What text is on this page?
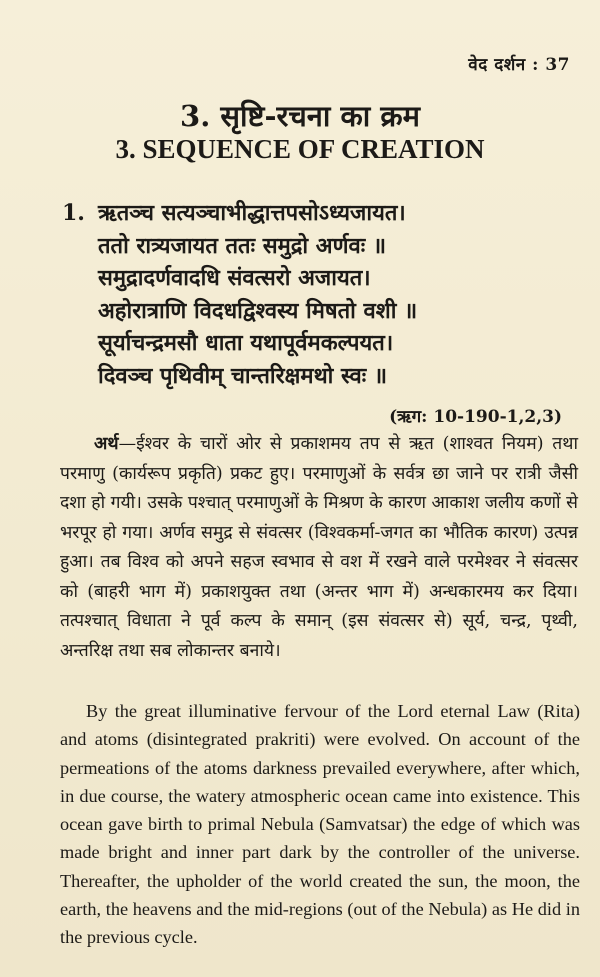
वेद दर्शन : 37
3. सृष्टि-रचना का क्रम
3. SEQUENCE OF CREATION
1. ऋतञ्च सत्यञ्चाभीद्धात्तपसोऽध्यजायत।
ततो रात्र्यजायत ततः समुद्रो अर्णवः ॥
समुद्रादर्णवादधि संवत्सरो अजायत।
अहोरात्राणि विदधद्विश्वस्य मिषतो वशी ॥
सूर्याचन्द्रमसौ धाता यथापूर्वमकल्पयत।
दिवञ्च पृथिवीम् चान्तरिक्षमथो स्वः ॥
(ऋग: 10-190-1,2,3)
अर्थ—ईश्वर के चारों ओर से प्रकाशमय तप से ऋत (शाश्वत नियम) तथा परमाणु (कार्यरूप प्रकृति) प्रकट हुए। परमाणुओं के सर्वत्र छा जाने पर रात्री जैसी दशा हो गयी। उसके पश्चात् परमाणुओं के मिश्रण के कारण आकाश जलीय कणों से भरपूर हो गया। अर्णव समुद्र से संवत्सर (विश्वकर्मा-जगत का भौतिक कारण) उत्पन्न हुआ। तब विश्व को अपने सहज स्वभाव से वश में रखने वाले परमेश्वर ने संवत्सर को (बाहरी भाग में) प्रकाशयुक्त तथा (अन्तर भाग में) अन्धकारमय कर दिया। तत्पश्चात् विधाता ने पूर्व कल्प के समान् (इस संवत्सर से) सूर्य, चन्द्र, पृथ्वी, अन्तरिक्ष तथा सब लोकान्तर बनाये।
By the great illuminative fervour of the Lord eternal Law (Rita) and atoms (disintegrated prakriti) were evolved. On account of the permeations of the atoms darkness prevailed everywhere, after which, in due course, the watery atmospheric ocean came into existence. This ocean gave birth to primal Nebula (Samvatsar) the edge of which was made bright and inner part dark by the controller of the universe. Thereafter, the upholder of the world created the sun, the moon, the earth, the heavens and the mid-regions (out of the Nebula) as He did in the previous cycle.
